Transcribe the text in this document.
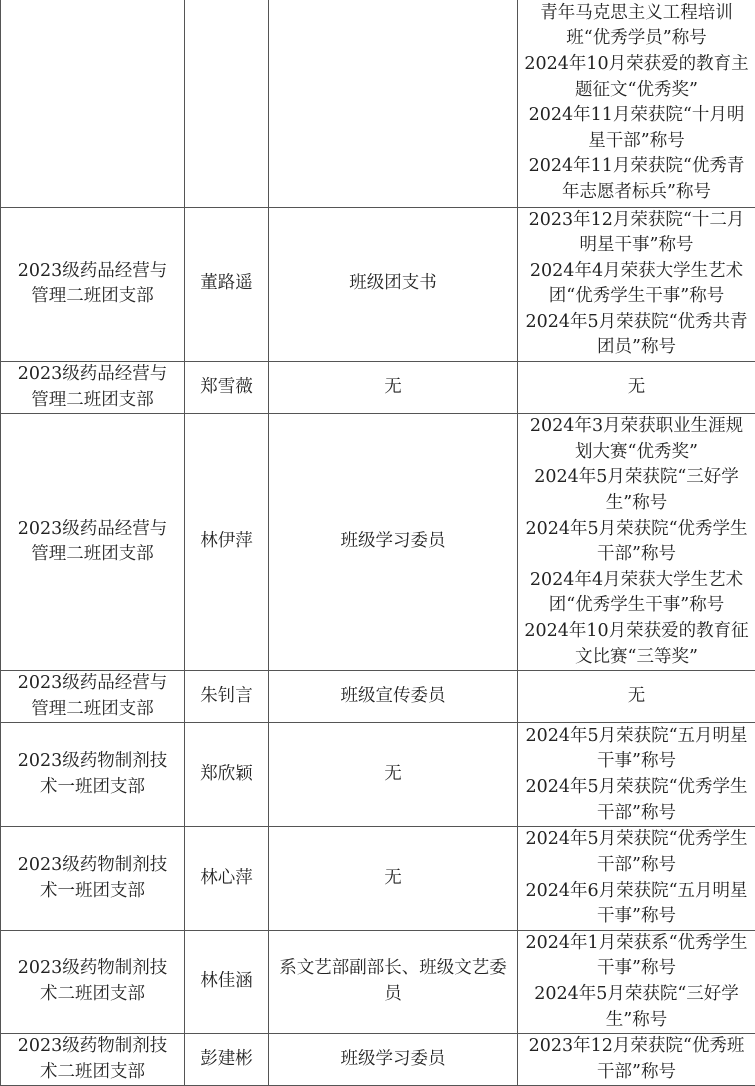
			青年马克思主义工程培训班“优秀学员”称号
2024年10月荣获爱的教育主题征文“优秀奖”
2024年11月荣获院“十月明星干部”称号
2024年11月荣获院“优秀青年志愿者标兵”称号

2023级药品经营与管理二班团支部	董路遥	班级团支书	2023年12月荣获院“十二月明星干事”称号
2024年4月荣获大学生艺术团“优秀学生干事”称号
2024年5月荣获院“优秀共青团员”称号

2023级药品经营与管理二班团支部	郑雪薇	无	无

2023级药品经营与管理二班团支部	林伊萍	班级学习委员	2024年3月荣获职业生涯规划大赛“优秀奖”
2024年5月荣获院“三好学生”称号
2024年5月荣获院“优秀学生干部”称号
2024年4月荣获大学生艺术团“优秀学生干事”称号
2024年10月荣获爱的教育征文比赛“三等奖”

2023级药品经营与管理二班团支部	朱钊言	班级宣传委员	无

2023级药物制剂技术一班团支部	郑欣颖	无	2024年5月荣获院“五月明星干事”称号
2024年5月荣获院“优秀学生干部”称号

2023级药物制剂技术一班团支部	林心萍	无	2024年5月荣获院“优秀学生干部”称号
2024年6月荣获院“五月明星干事”称号

2023级药物制剂技术二班团支部	林佳涵	系文艺部副部长、班级文艺委员	2024年1月荣获系“优秀学生干事”称号
2024年5月荣获院“三好学生”称号

2023级药物制剂技术二班团支部	彭建彬	班级学习委员	2023年12月荣获院“优秀班干部”称号
